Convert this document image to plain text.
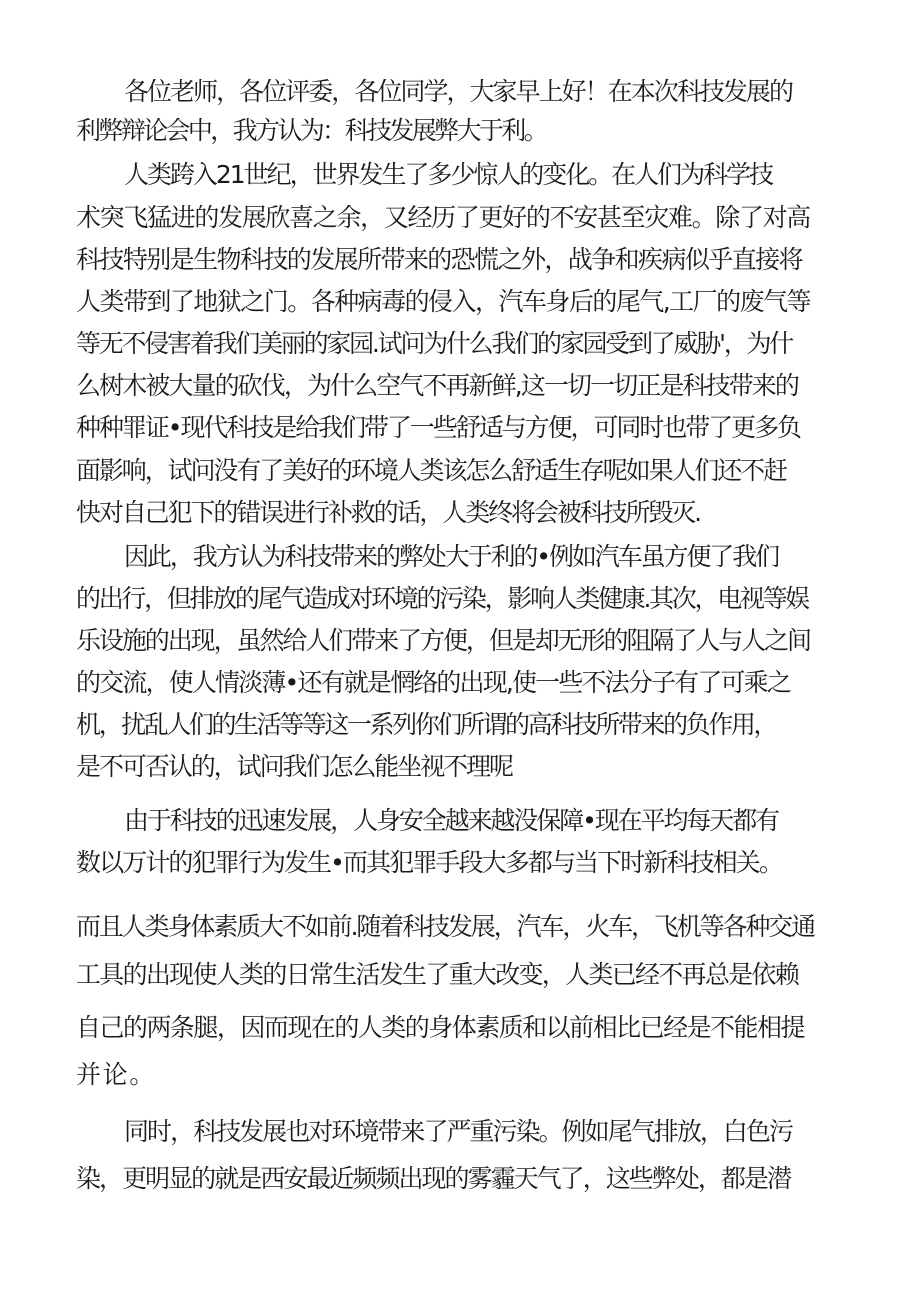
各位老师，各位评委，各位同学，大家早上好！在本次科技发展的
利弊辩论会中，我方认为：科技发展弊大于利。
人类跨入21世纪，世界发生了多少惊人的变化。在人们为科学技
术突飞猛进的发展欣喜之余，又经历了更好的不安甚至灾难。除了对高
科技特别是生物科技的发展所带来的恐慌之外，战争和疾病似乎直接将
人类带到了地狱之门。各种病毒的侵入，汽车身后的尾气,工厂的废气等
等无不侵害着我们美丽的家园.试问为什么我们的家园受到了威胁'，为什
么树木被大量的砍伐，为什么空气不再新鲜,这一切一切正是科技带来的
种种罪证•现代科技是给我们带了一些舒适与方便，可同时也带了更多负
面影响，试问没有了美好的环境人类该怎么舒适生存呢如果人们还不赶
快对自己犯下的错误进行补救的话，人类终将会被科技所毁灭.
因此，我方认为科技带来的弊处大于利的•例如汽车虽方便了我们
的出行，但排放的尾气造成对环境的污染，影响人类健康.其次，电视等娱
乐设施的出现，虽然给人们带来了方便，但是却无形的阻隔了人与人之间
的交流，使人情淡薄•还有就是惘络的出现,使一些不法分子有了可乘之
机，扰乱人们的生活等等这一系列你们所谓的高科技所带来的负作用，
是不可否认的，试问我们怎么能坐视不理呢
由于科技的迅速发展，人身安全越来越没保障•现在平均每天都有
数以万计的犯罪行为发生•而其犯罪手段大多都与当下时新科技相关。
而且人类身体素质大不如前.随着科技发展，汽车，火车，飞机等各种交通
工具的出现使人类的日常生活发生了重大改变，人类已经不再总是依赖
自己的两条腿，因而现在的人类的身体素质和以前相比已经是不能相提
并论。
同时，科技发展也对环境带来了严重污染。例如尾气排放，白色污
染，更明显的就是西安最近频频出现的雾霾天气了，这些弊处，都是潜
